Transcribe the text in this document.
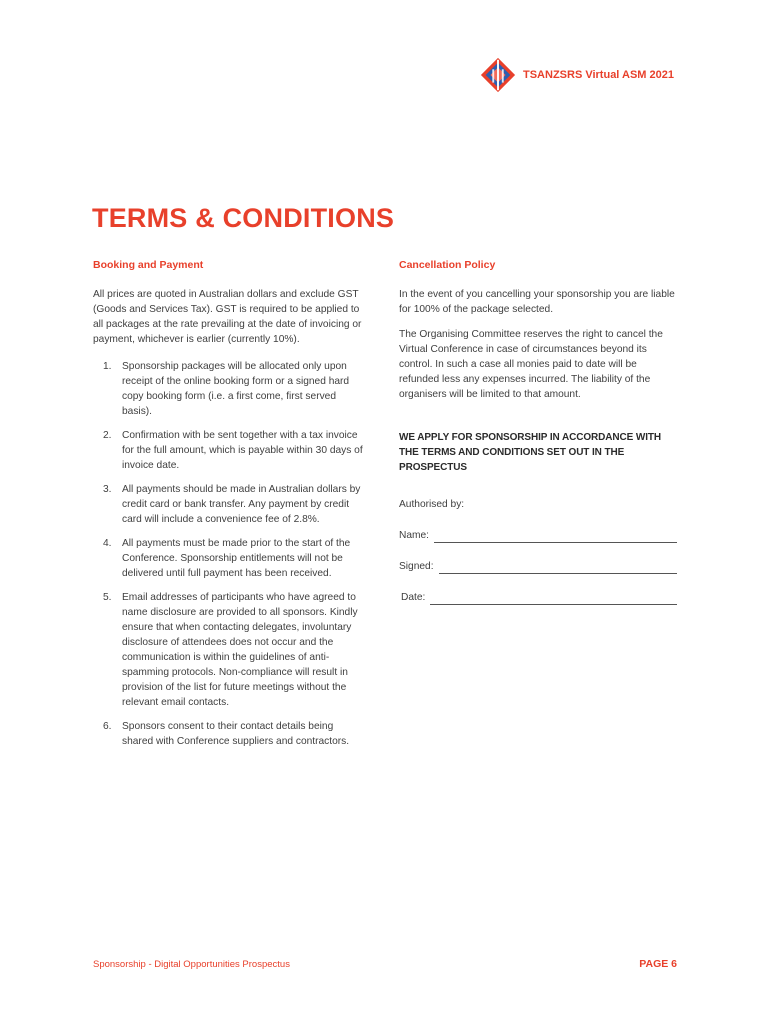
TSANZSRS Virtual ASM 2021
TERMS & CONDITIONS
Booking and Payment

All prices are quoted in Australian dollars and exclude GST (Goods and Services Tax). GST is required to be applied to all packages at the rate prevailing at the date of invoicing or payment, whichever is earlier (currently 10%).

1.	Sponsorship packages will be allocated only upon receipt of the online booking form or a signed hard copy booking form (i.e. a first come, first served basis).
2.	Confirmation with be sent together with a tax invoice for the full amount, which is payable within 30 days of invoice date.
3.	All payments should be made in Australian dollars by credit card or bank transfer. Any payment by credit card will include a convenience fee of 2.8%.
4.	All payments must be made prior to the start of the Conference. Sponsorship entitlements will not be delivered until full payment has been received.
5.	Email addresses of participants who have agreed to name disclosure are provided to all sponsors. Kindly ensure that when contacting delegates, involuntary disclosure of attendees does not occur and the communication is within the guidelines of anti-spamming protocols. Non-compliance will result in provision of the list for future meetings without the relevant email contacts.
6.	Sponsors consent to their contact details being shared with Conference suppliers and contractors.
Cancellation Policy

In the event of you cancelling your sponsorship you are liable for 100% of the package selected.

The Organising Committee reserves the right to cancel the Virtual Conference in case of circumstances beyond its control. In such a case all monies paid to date will be refunded less any expenses incurred. The liability of the organisers will be limited to that amount.

WE APPLY FOR SPONSORSHIP IN ACCORDANCE WITH THE TERMS AND CONDITIONS SET OUT IN THE PROSPECTUS

Authorised by:

Name:
Signed:
Date:
Sponsorship - Digital Opportunities Prospectus	PAGE 6
